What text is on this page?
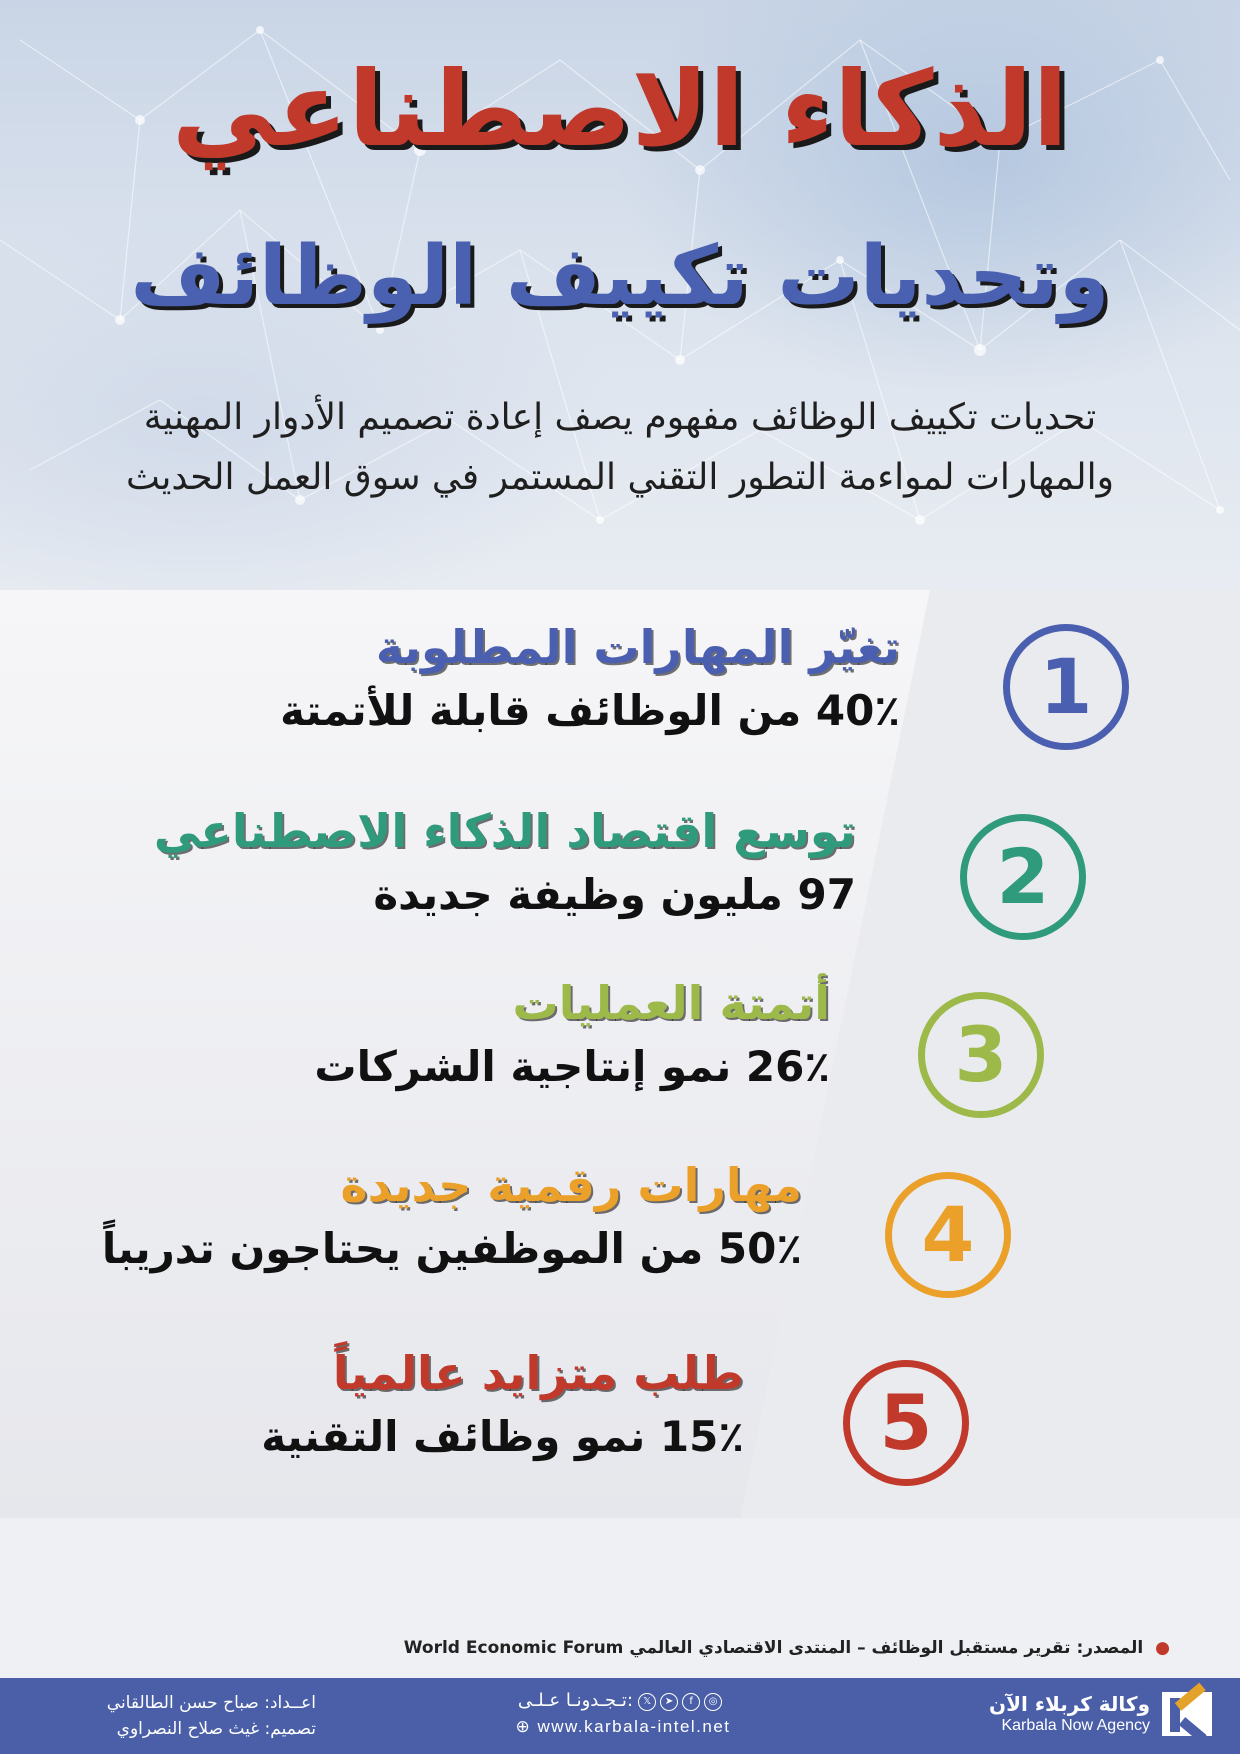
الذكاء الاصطناعي
وتحديات تكييف الوظائف
تحديات تكييف الوظائف مفهوم يصف إعادة تصميم الأدوار المهنية
والمهارات لمواءمة التطور التقني المستمر في سوق العمل الحديث
تغيّر المهارات المطلوبة
40٪ من الوظائف قابلة للأتمتة	1
توسع اقتصاد الذكاء الاصطناعي
97 مليون وظيفة جديدة	2
أتمتة العمليات
26٪ نمو إنتاجية الشركات	3
مهارات رقمية جديدة
50٪ من الموظفين يحتاجون تدريباً	4
طلب متزايد عالمياً
15٪ نمو وظائف التقنية	5
● المصدر: تقرير مستقبل الوظائف – المنتدى الاقتصادي العالمي World Economic Forum
وكالة كربلاء الآن
Karbala Now Agency
تـجـدونـا عـلـى:	𝕏	➤	f	◎
⊕ www.karbala-intel.net
اعــداد: صباح حسن الطالقاني
تصميم: غيث صلاح النصراوي
